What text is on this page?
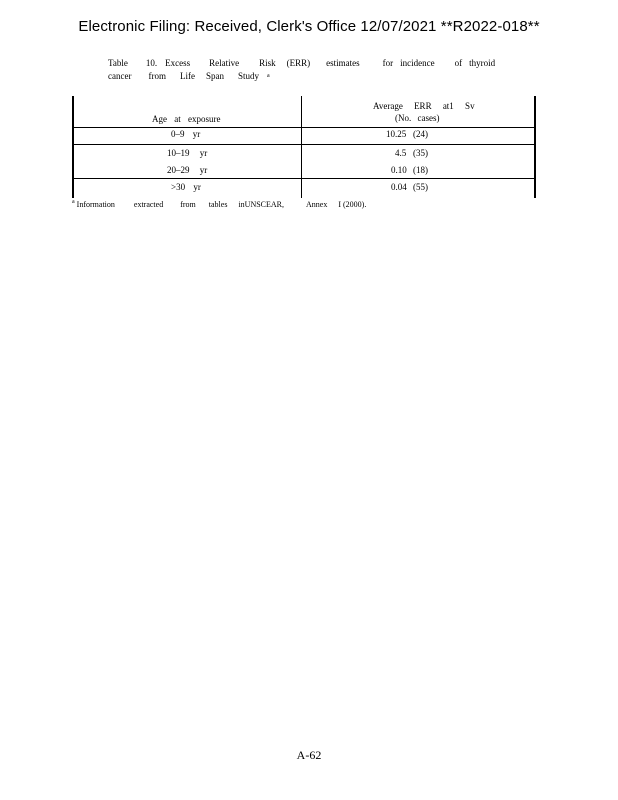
Electronic Filing: Received, Clerk's Office 12/07/2021 **R2022-018**
Table 10. Excess Relative Risk (ERR) estimates	for incidence of thyroid
cancer from Life Span Study a
Age at exposure
Average ERR at1 Sv
(No. cases)
0–9 yr	10.25 (24)
10–19 yr	4.5 (35)
20–29 yr	0.10 (18)
>30 yr	0.04 (55)
a Information extracted from tables inUNSCEAR,	Annex I (2000).
A-62
